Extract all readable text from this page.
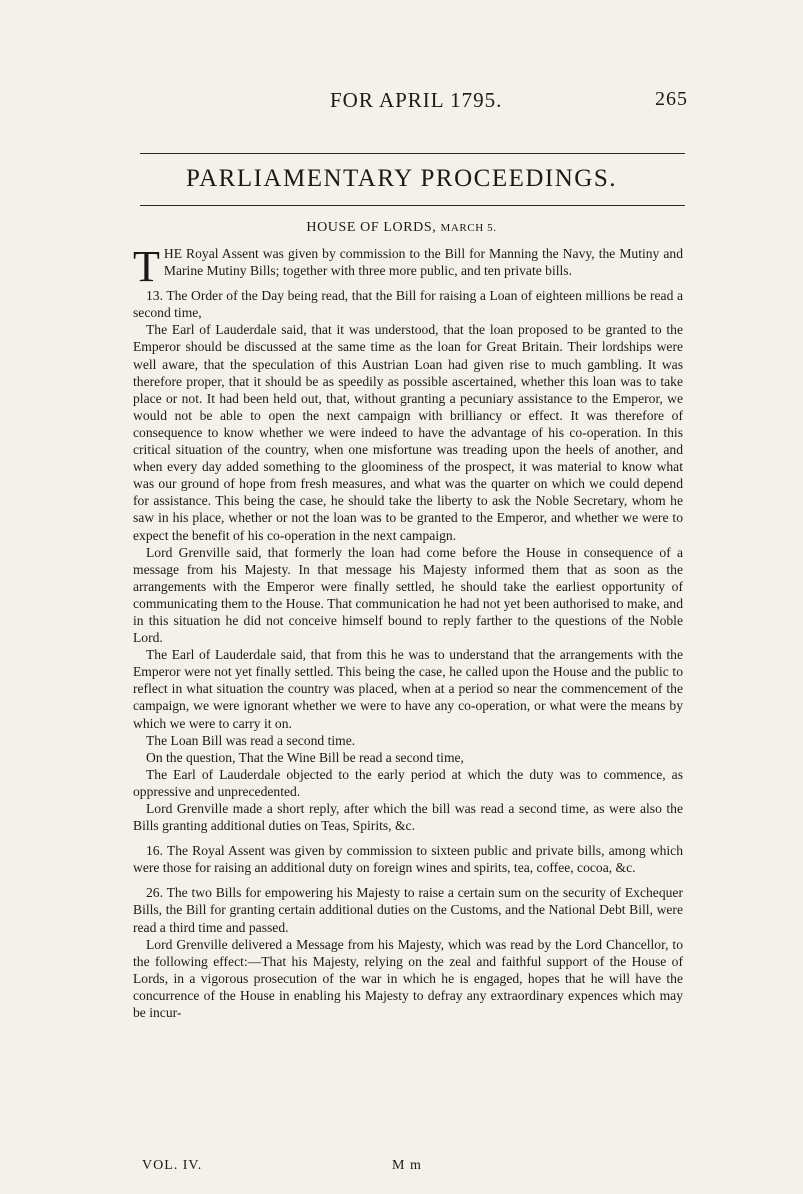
FOR APRIL 1795.	265
PARLIAMENTARY PROCEEDINGS.
HOUSE OF LORDS, MARCH 5.

THE Royal Assent was given by commission to the Bill for Manning the Navy, the Mutiny and Marine Mutiny Bills; together with three more public, and ten private bills.

13. The Order of the Day being read, that the Bill for raising a Loan of eighteen millions be read a second time,

The Earl of Lauderdale said, that it was understood, that the loan proposed to be granted to the Emperor should be discussed at the same time as the loan for Great Britain. Their lordships were well aware, that the speculation of this Austrian Loan had given rise to much gambling. It was therefore proper, that it should be as speedily as possible ascertained, whether this loan was to take place or not. It had been held out, that, without granting a pecuniary assistance to the Emperor, we would not be able to open the next campaign with brilliancy or effect. It was therefore of consequence to know whether we were indeed to have the advantage of his co-operation. In this critical situation of the country, when one misfortune was treading upon the heels of another, and when every day added something to the gloominess of the prospect, it was material to know what was our ground of hope from fresh measures, and what was the quarter on which we could depend for assistance. This being the case, he should take the liberty to ask the Noble Secretary, whom he saw in his place, whether or not the loan was to be granted to the Emperor, and whether we were to expect the benefit of his co-operation in the next campaign.

Lord Grenville said, that formerly the loan had come before the House in consequence of a message from his Majesty. In that message his Majesty informed them that as soon as the arrangements with the Emperor were finally settled, he should take the earliest opportunity of communicating them to the House. That communication he had not yet been authorised to make, and in this situation he did not conceive himself bound to reply farther to the questions of the Noble Lord.

The Earl of Lauderdale said, that from this he was to understand that the arrangements with the Emperor were not yet finally settled. This being the case, he called upon the House and the public to reflect in what situation the country was placed, when at a period so near the commencement of the campaign, we were ignorant whether we were to have any co-operation, or what were the means by which we were to carry it on.

The Loan Bill was read a second time.

On the question, That the Wine Bill be read a second time,

The Earl of Lauderdale objected to the early period at which the duty was to commence, as oppressive and unprecedented.

Lord Grenville made a short reply, after which the bill was read a second time, as were also the Bills granting additional duties on Teas, Spirits, &c.

16. The Royal Assent was given by commission to sixteen public and private bills, among which were those for raising an additional duty on foreign wines and spirits, tea, coffee, cocoa, &c.

26. The two Bills for empowering his Majesty to raise a certain sum on the security of Exchequer Bills, the Bill for granting certain additional duties on the Customs, and the National Debt Bill, were read a third time and passed.

Lord Grenville delivered a Message from his Majesty, which was read by the Lord Chancellor, to the following effect:—That his Majesty, relying on the zeal and faithful support of the House of Lords, in a vigorous prosecution of the war in which he is engaged, hopes that he will have the concurrence of the House in enabling his Majesty to defray any extraordinary expences which may be incur-

VOL. IV.	M m
